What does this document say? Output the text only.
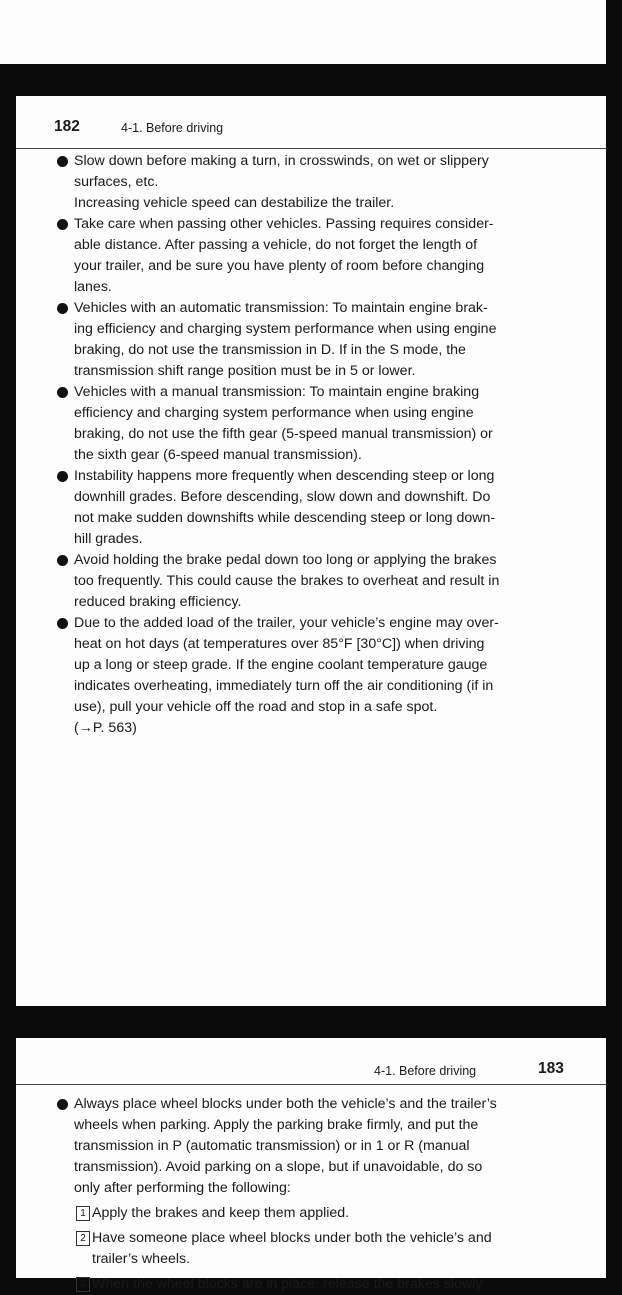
182	4-1. Before driving
Slow down before making a turn, in crosswinds, on wet or slippery
surfaces, etc.
Increasing vehicle speed can destabilize the trailer.
Take care when passing other vehicles. Passing requires consider-
able distance. After passing a vehicle, do not forget the length of
your trailer, and be sure you have plenty of room before changing
lanes.
Vehicles with an automatic transmission: To maintain engine brak-
ing efficiency and charging system performance when using engine
braking, do not use the transmission in D. If in the S mode, the
transmission shift range position must be in 5 or lower.
Vehicles with a manual transmission: To maintain engine braking
efficiency and charging system performance when using engine
braking, do not use the fifth gear (5-speed manual transmission) or
the sixth gear (6-speed manual transmission).
Instability happens more frequently when descending steep or long
downhill grades. Before descending, slow down and downshift. Do
not make sudden downshifts while descending steep or long down-
hill grades.
Avoid holding the brake pedal down too long or applying the brakes
too frequently. This could cause the brakes to overheat and result in
reduced braking efficiency.
Due to the added load of the trailer, your vehicle’s engine may over-
heat on hot days (at temperatures over 85°F [30°C]) when driving
up a long or steep grade. If the engine coolant temperature gauge
indicates overheating, immediately turn off the air conditioning (if in
use), pull your vehicle off the road and stop in a safe spot.
(→P. 563)
4-1. Before driving	183
Always place wheel blocks under both the vehicle’s and the trailer’s
wheels when parking. Apply the parking brake firmly, and put the
transmission in P (automatic transmission) or in 1 or R (manual
transmission). Avoid parking on a slope, but if unavoidable, do so
only after performing the following:
1 Apply the brakes and keep them applied.
2 Have someone place wheel blocks under both the vehicle’s and
trailer’s wheels.
3 When the wheel blocks are in place, release the brakes slowly
